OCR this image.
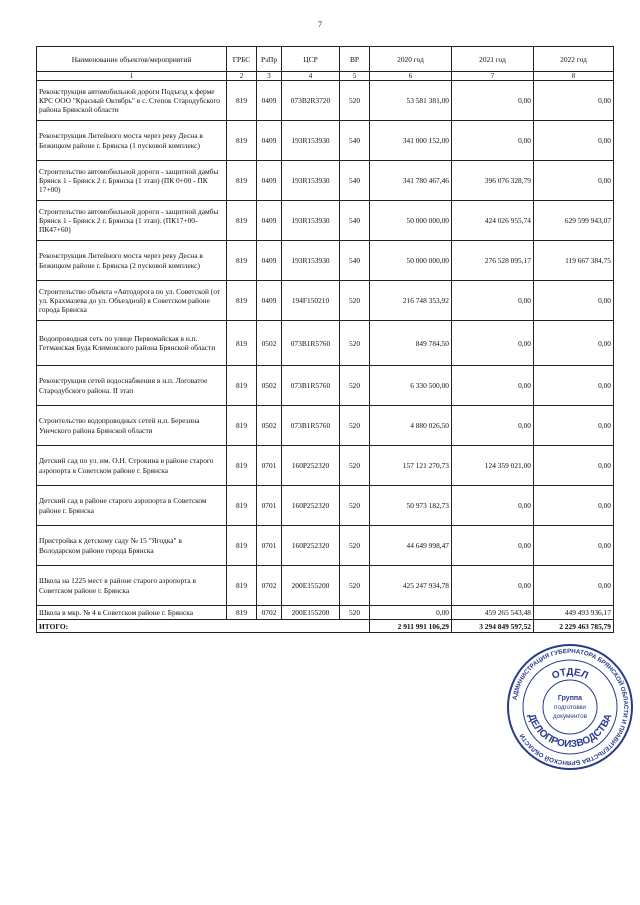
7
Наименование объектов/мероприятий	ГРБС	РзПр	ЦСР	ВР	2020 год	2021 год	2022 год
1	2	3	4	5	6	7	8
Реконструкция автомобильной дороги Подъезд к ферме КРС ООО "Красный Октябрь" в с. Степок Стародубского района Брянской области	819	0409	073В2R3720	520	53 581 381,00	0,00	0,00
Реконструкция Литейного моста через реку Десна в Бежицком районе г. Брянска (1 пусковой комплекс)	819	0409	193R153930	540	341 000 152,00	0,00	0,00
Строительство автомобильной дороги - защитной дамбы Брянск 1 - Брянск 2 г. Брянска (1 этап) (ПК 0+00 - ПК 17+00)	819	0409	193R153930	540	341 780 467,46	396 076 328,79	0,00
Строительство автомобильной дороги - защитной дамбы Брянск 1 - Брянск 2 г. Брянска (1 этап). (ПК17+00-ПК47+60)	819	0409	193R153930	540	50 000 000,00	424 026 955,74	629 599 943,07
Реконструкция Литейного моста через реку Десна в Бежицком районе г. Брянска (2 пусковой комплекс)	819	0409	193R153930	540	50 000 000,00	276 528 095,17	119 667 384,75
Строительство объекта «Автодорога по ул. Советской (от ул. Крахмалева до ул. Объездной) в Советском районе города Брянска	819	0409	194F150210	520	216 748 353,92	0,00	0,00
Водопроводная сеть по улице Первомайская в н.п. Гетманская Буда Климовского района Брянской области	819	0502	073В1R5760	520	849 784,50	0,00	0,00
Реконструкция сетей водоснабжения в н.п. Логоватое Стародубского района. II этап	819	0502	073В1R5760	520	6 330 500,00	0,00	0,00
Строительство водопроводных сетей н.п. Березина Унечского района Брянской области	819	0502	073В1R5760	520	4 880 026,50	0,00	0,00
Детский сад по ул. им. О.Н. Строкина в районе старого аэропорта в Советском районе г. Брянска	819	0701	160P252320	520	157 121 270,73	124 359 021,00	0,00
Детский сад в районе старого аэропорта в Советском районе г. Брянска	819	0701	160P252320	520	50 973 182,73	0,00	0,00
Пристройка к детскому саду № 15 "Ягодка" в Володарском районе города Брянска	819	0701	160P252320	520	44 649 998,47	0,00	0,00
Школа на 1225 мест в районе старого аэропорта в Советском районе г. Брянска	819	0702	200E155200	520	425 247 934,78	0,00	0,00
Школа в мкр. № 4 в Советском районе г. Брянска	819	0702	200E155200	520	0,00	459 265 543,48	449 493 936,17
ИТОГО:					2 911 991 106,29	3 294 849 597,52	2 229 463 785,79
АДМИНИСТРАЦИЯ ГУБЕРНАТОРА БРЯНСКОЙ ОБЛАСТИ И ПРАВИТЕЛЬСТВА БРЯНСКОЙ ОБЛАСТИ
ОТДЕЛ
ДЕЛОПРОИЗВОДСТВА
Группа
подготовки
документов
